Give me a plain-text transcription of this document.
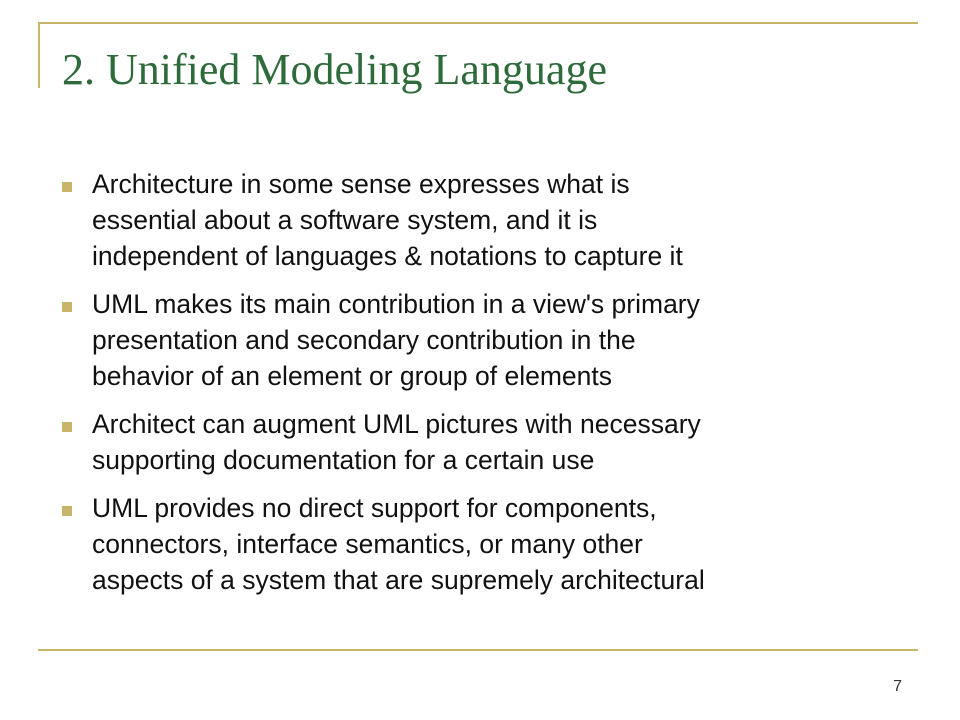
2. Unified Modeling Language
Architecture in some sense expresses what is
essential about a software system, and it is
independent of languages & notations to capture it
UML makes its main contribution in a view's primary
presentation and secondary contribution in the
behavior of an element or group of elements
Architect can augment UML pictures with necessary
supporting documentation for a certain use
UML provides no direct support for components,
connectors, interface semantics, or many other
aspects of a system that are supremely architectural
7
